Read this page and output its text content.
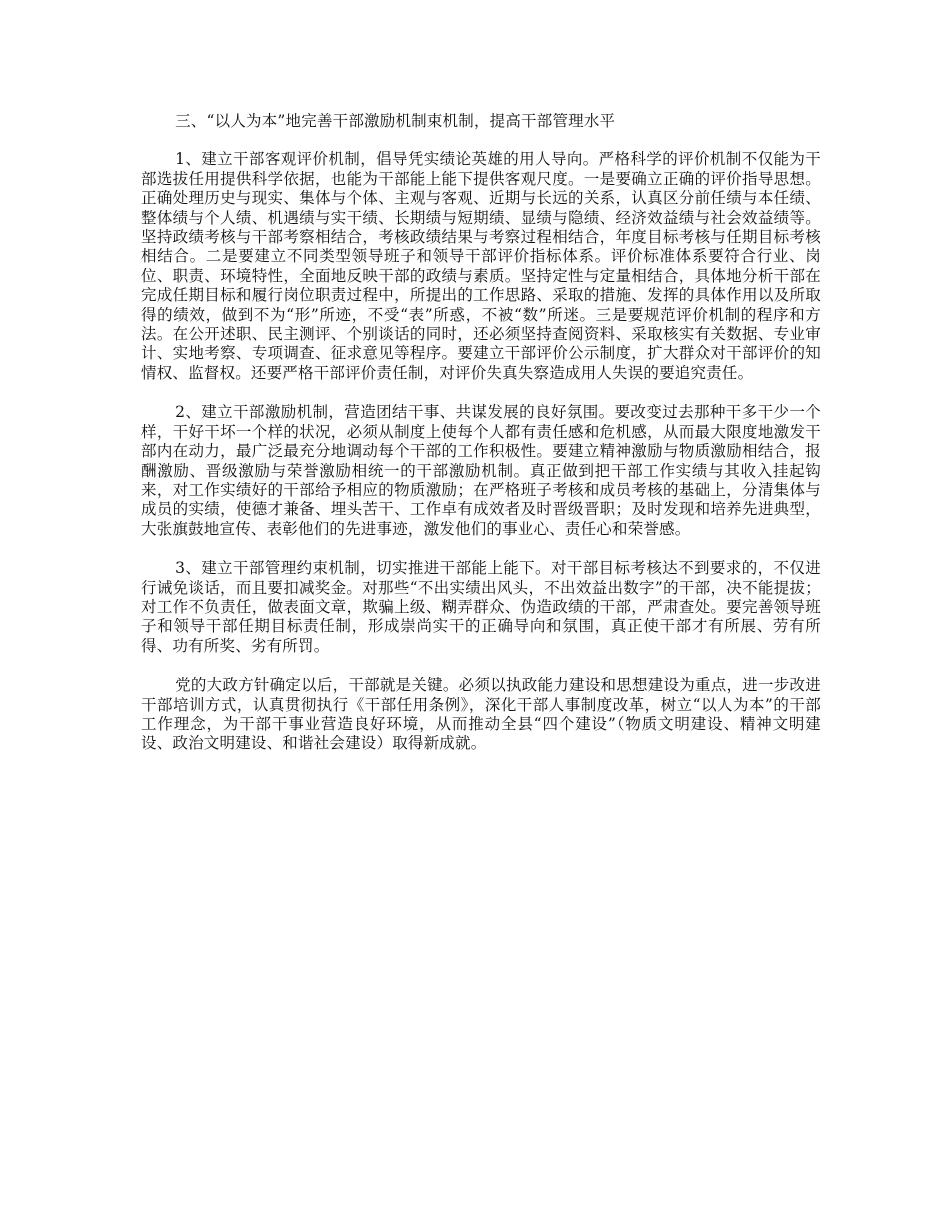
三、“以人为本”地完善干部激励机制束机制，提高干部管理水平

1、建立干部客观评价机制，倡导凭实绩论英雄的用人导向。严格科学的评价机制不仅能为干部选拔任用提供科学依据，也能为干部能上能下提供客观尺度。一是要确立正确的评价指导思想。正确处理历史与现实、集体与个体、主观与客观、近期与长远的关系，认真区分前任绩与本任绩、整体绩与个人绩、机遇绩与实干绩、长期绩与短期绩、显绩与隐绩、经济效益绩与社会效益绩等。坚持政绩考核与干部考察相结合，考核政绩结果与考察过程相结合，年度目标考核与任期目标考核相结合。二是要建立不同类型领导班子和领导干部评价指标体系。评价标准体系要符合行业、岗位、职责、环境特性，全面地反映干部的政绩与素质。坚持定性与定量相结合，具体地分析干部在完成任期目标和履行岗位职责过程中，所提出的工作思路、采取的措施、发挥的具体作用以及所取得的绩效，做到不为“形”所迹，不受“表”所惑，不被“数”所迷。三是要规范评价机制的程序和方法。在公开述职、民主测评、个别谈话的同时，还必须坚持查阅资料、采取核实有关数据、专业审计、实地考察、专项调查、征求意见等程序。要建立干部评价公示制度，扩大群众对干部评价的知情权、监督权。还要严格干部评价责任制，对评价失真失察造成用人失误的要追究责任。

2、建立干部激励机制，营造团结干事、共谋发展的良好氛围。要改变过去那种干多干少一个样，干好干坏一个样的状况，必须从制度上使每个人都有责任感和危机感，从而最大限度地激发干部内在动力，最广泛最充分地调动每个干部的工作积极性。要建立精神激励与物质激励相结合，报酬激励、晋级激励与荣誉激励相统一的干部激励机制。真正做到把干部工作实绩与其收入挂起钩来，对工作实绩好的干部给予相应的物质激励；在严格班子考核和成员考核的基础上，分清集体与成员的实绩，使德才兼备、埋头苦干、工作卓有成效者及时晋级晋职；及时发现和培养先进典型，大张旗鼓地宣传、表彰他们的先进事迹，激发他们的事业心、责任心和荣誉感。

3、建立干部管理约束机制，切实推进干部能上能下。对干部目标考核达不到要求的，不仅进行诫免谈话，而且要扣减奖金。对那些“不出实绩出风头，不出效益出数字”的干部，决不能提拔；对工作不负责任，做表面文章，欺骗上级、糊弄群众、伪造政绩的干部，严肃查处。要完善领导班子和领导干部任期目标责任制，形成崇尚实干的正确导向和氛围，真正使干部才有所展、劳有所得、功有所奖、劣有所罚。

党的大政方针确定以后，干部就是关键。必须以执政能力建设和思想建设为重点，进一步改进干部培训方式，认真贯彻执行《干部任用条例》，深化干部人事制度改革，树立“以人为本”的干部工作理念，为干部干事业营造良好环境，从而推动全县“四个建设”（物质文明建设、精神文明建设、政治文明建设、和谐社会建设）取得新成就。
